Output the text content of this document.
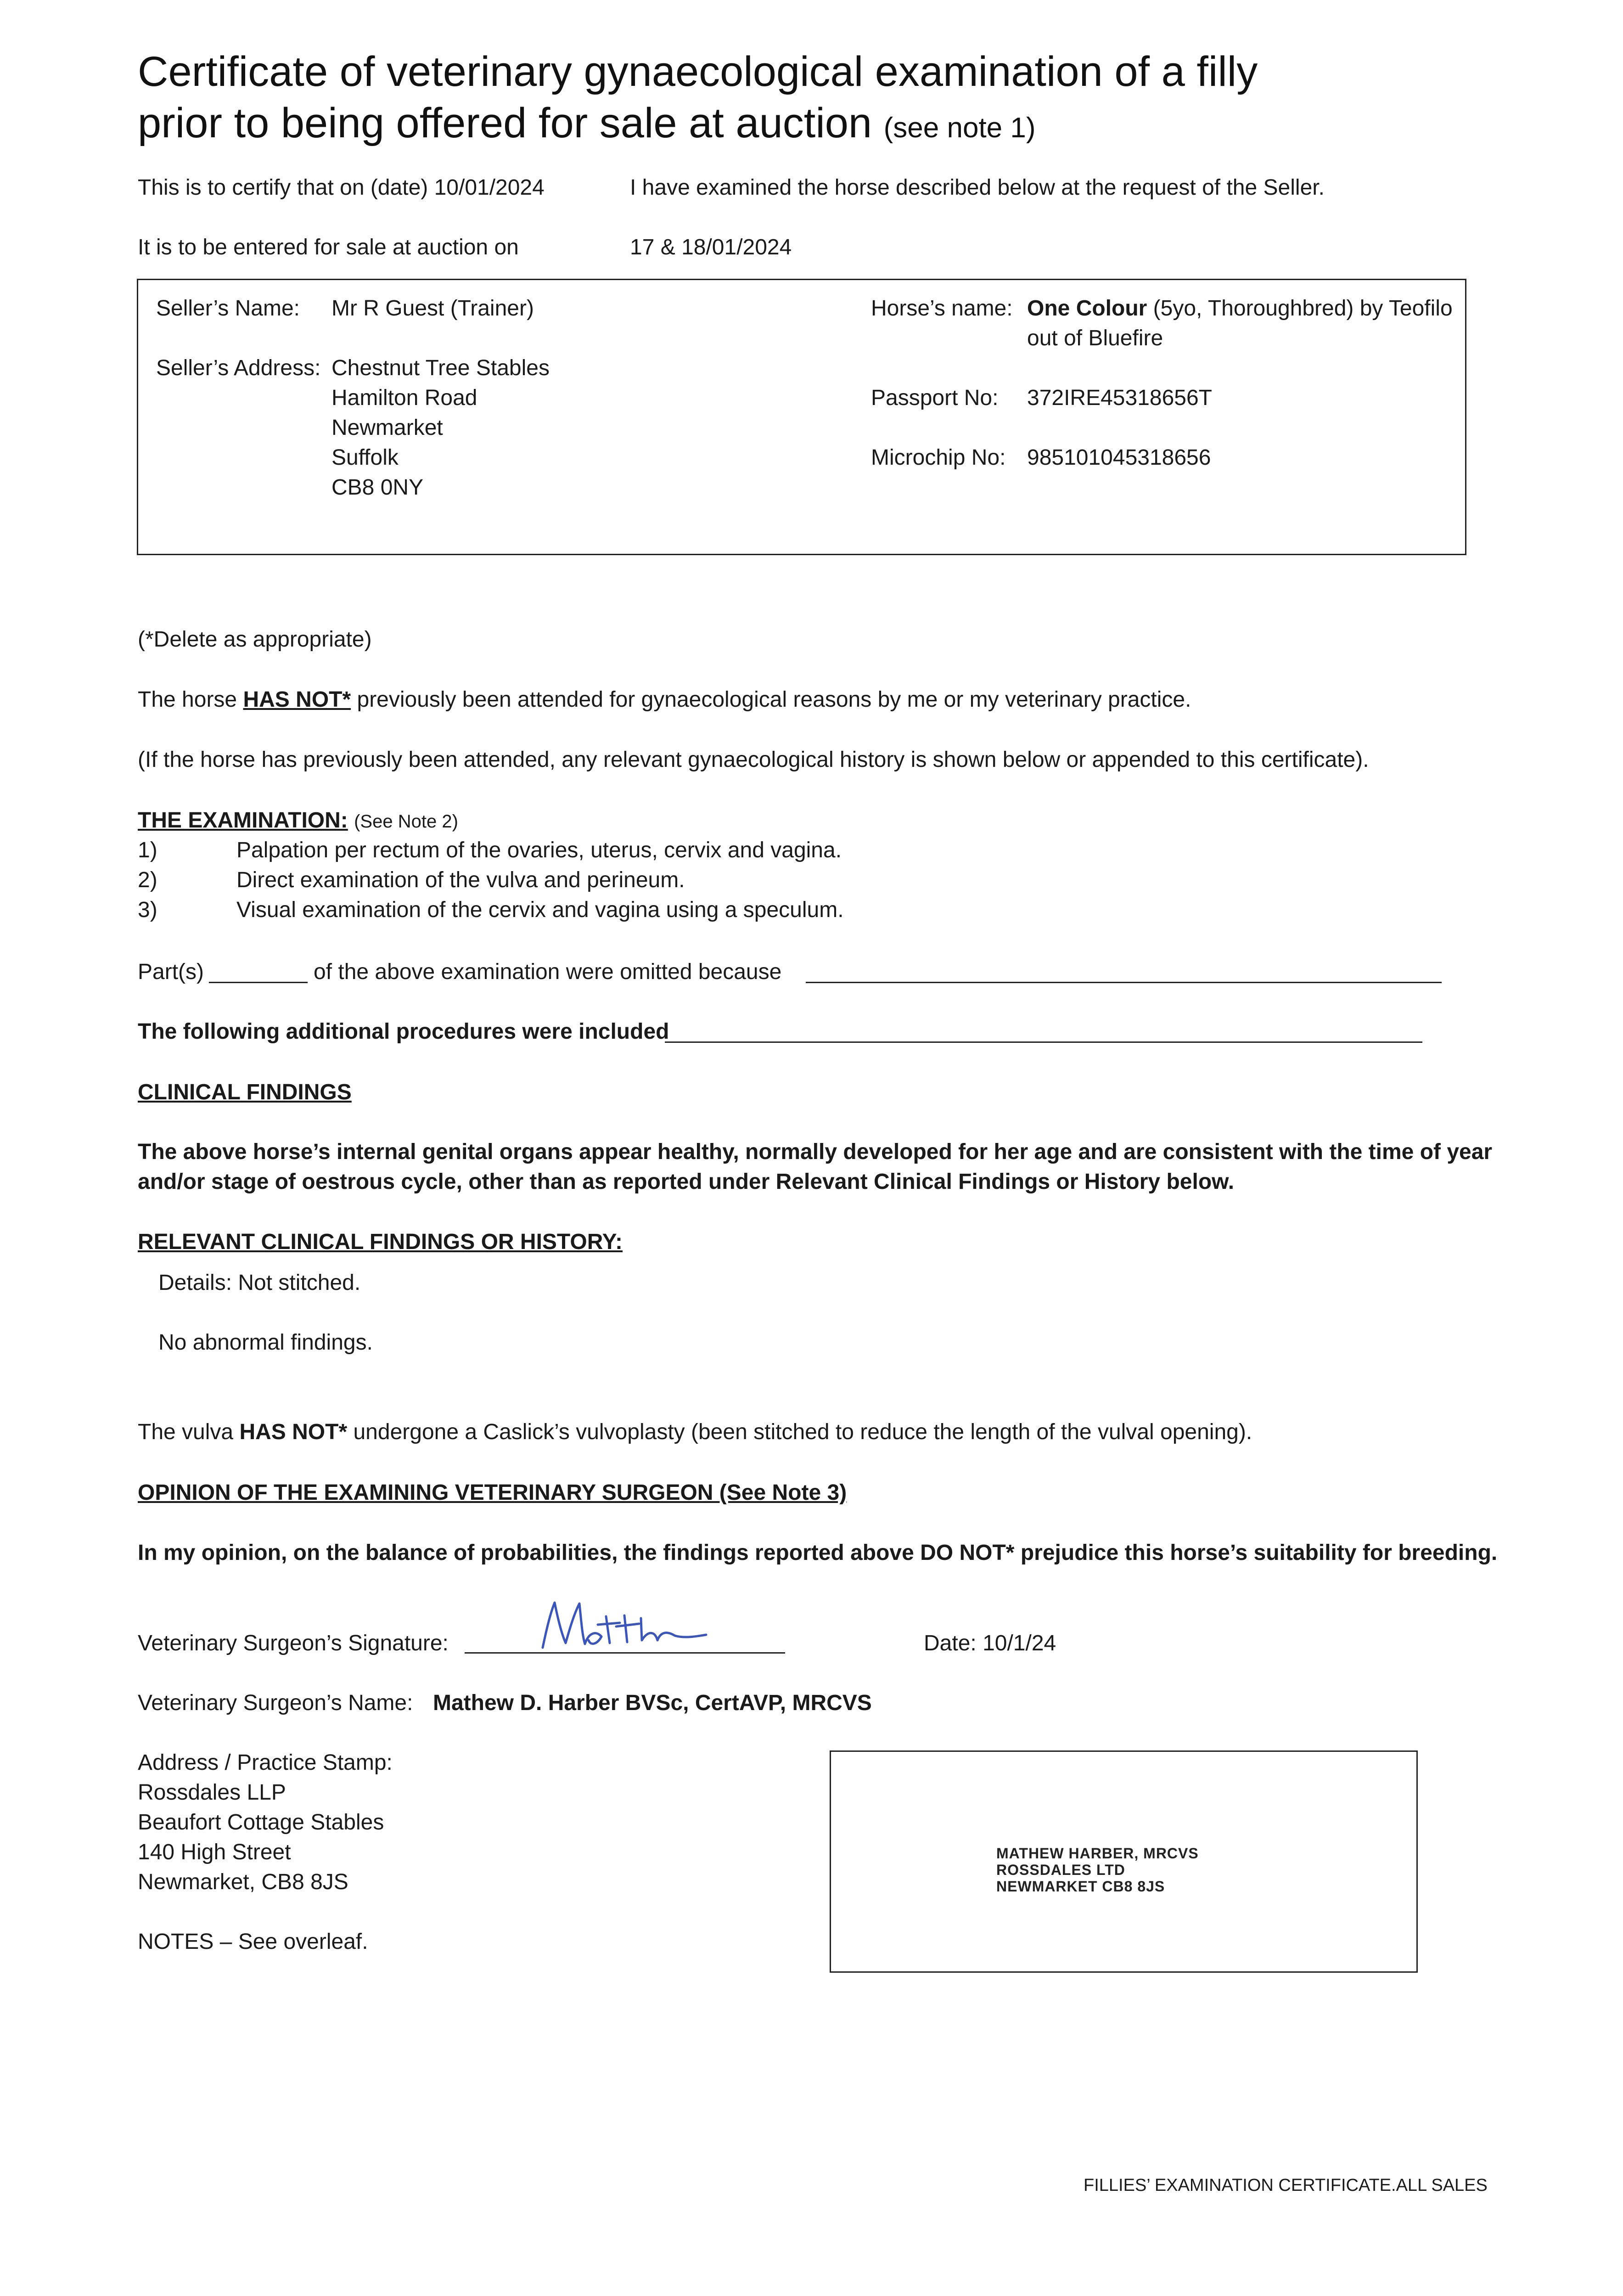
Certificate of veterinary gynaecological examination of a filly
prior to being offered for sale at auction (see note 1)
This is to certify that on (date) 10/01/2024	I have examined the horse described below at the request of the Seller.
It is to be entered for sale at auction on	17 & 18/01/2024
Seller’s Name: Mr R Guest (Trainer)
Seller’s Address: Chestnut Tree Stables
Hamilton Road
Newmarket
Suffolk
CB8 0NY
Horse’s name: One Colour (5yo, Thoroughbred) by Teofilo
out of Bluefire
Passport No: 372IRE45318656T
Microchip No: 985101045318656
(*Delete as appropriate)
The horse HAS NOT* previously been attended for gynaecological reasons by me or my veterinary practice.
(If the horse has previously been attended, any relevant gynaecological history is shown below or appended to this certificate).
THE EXAMINATION: (See Note 2)
1)	Palpation per rectum of the ovaries, uterus, cervix and vagina.
2)	Direct examination of the vulva and perineum.
3)	Visual examination of the cervix and vagina using a speculum.
Part(s)	of the above examination were omitted because
The following additional procedures were included
CLINICAL FINDINGS
The above horse’s internal genital organs appear healthy, normally developed for her age and are consistent with the time of year
and/or stage of oestrous cycle, other than as reported under Relevant Clinical Findings or History below.
RELEVANT CLINICAL FINDINGS OR HISTORY:
Details: Not stitched.
No abnormal findings.
The vulva HAS NOT* undergone a Caslick’s vulvoplasty (been stitched to reduce the length of the vulval opening).
OPINION OF THE EXAMINING VETERINARY SURGEON (See Note 3)
In my opinion, on the balance of probabilities, the findings reported above DO NOT* prejudice this horse’s suitability for breeding.
Veterinary Surgeon’s Signature:	Date: 10/1/24
Veterinary Surgeon’s Name: Mathew D. Harber BVSc, CertAVP, MRCVS
Address / Practice Stamp:
Rossdales LLP
Beaufort Cottage Stables
140 High Street
Newmarket, CB8 8JS
NOTES – See overleaf.
MATHEW HARBER, MRCVS
ROSSDALES LTD
NEWMARKET CB8 8JS
FILLIES’ EXAMINATION CERTIFICATE.ALL SALES
